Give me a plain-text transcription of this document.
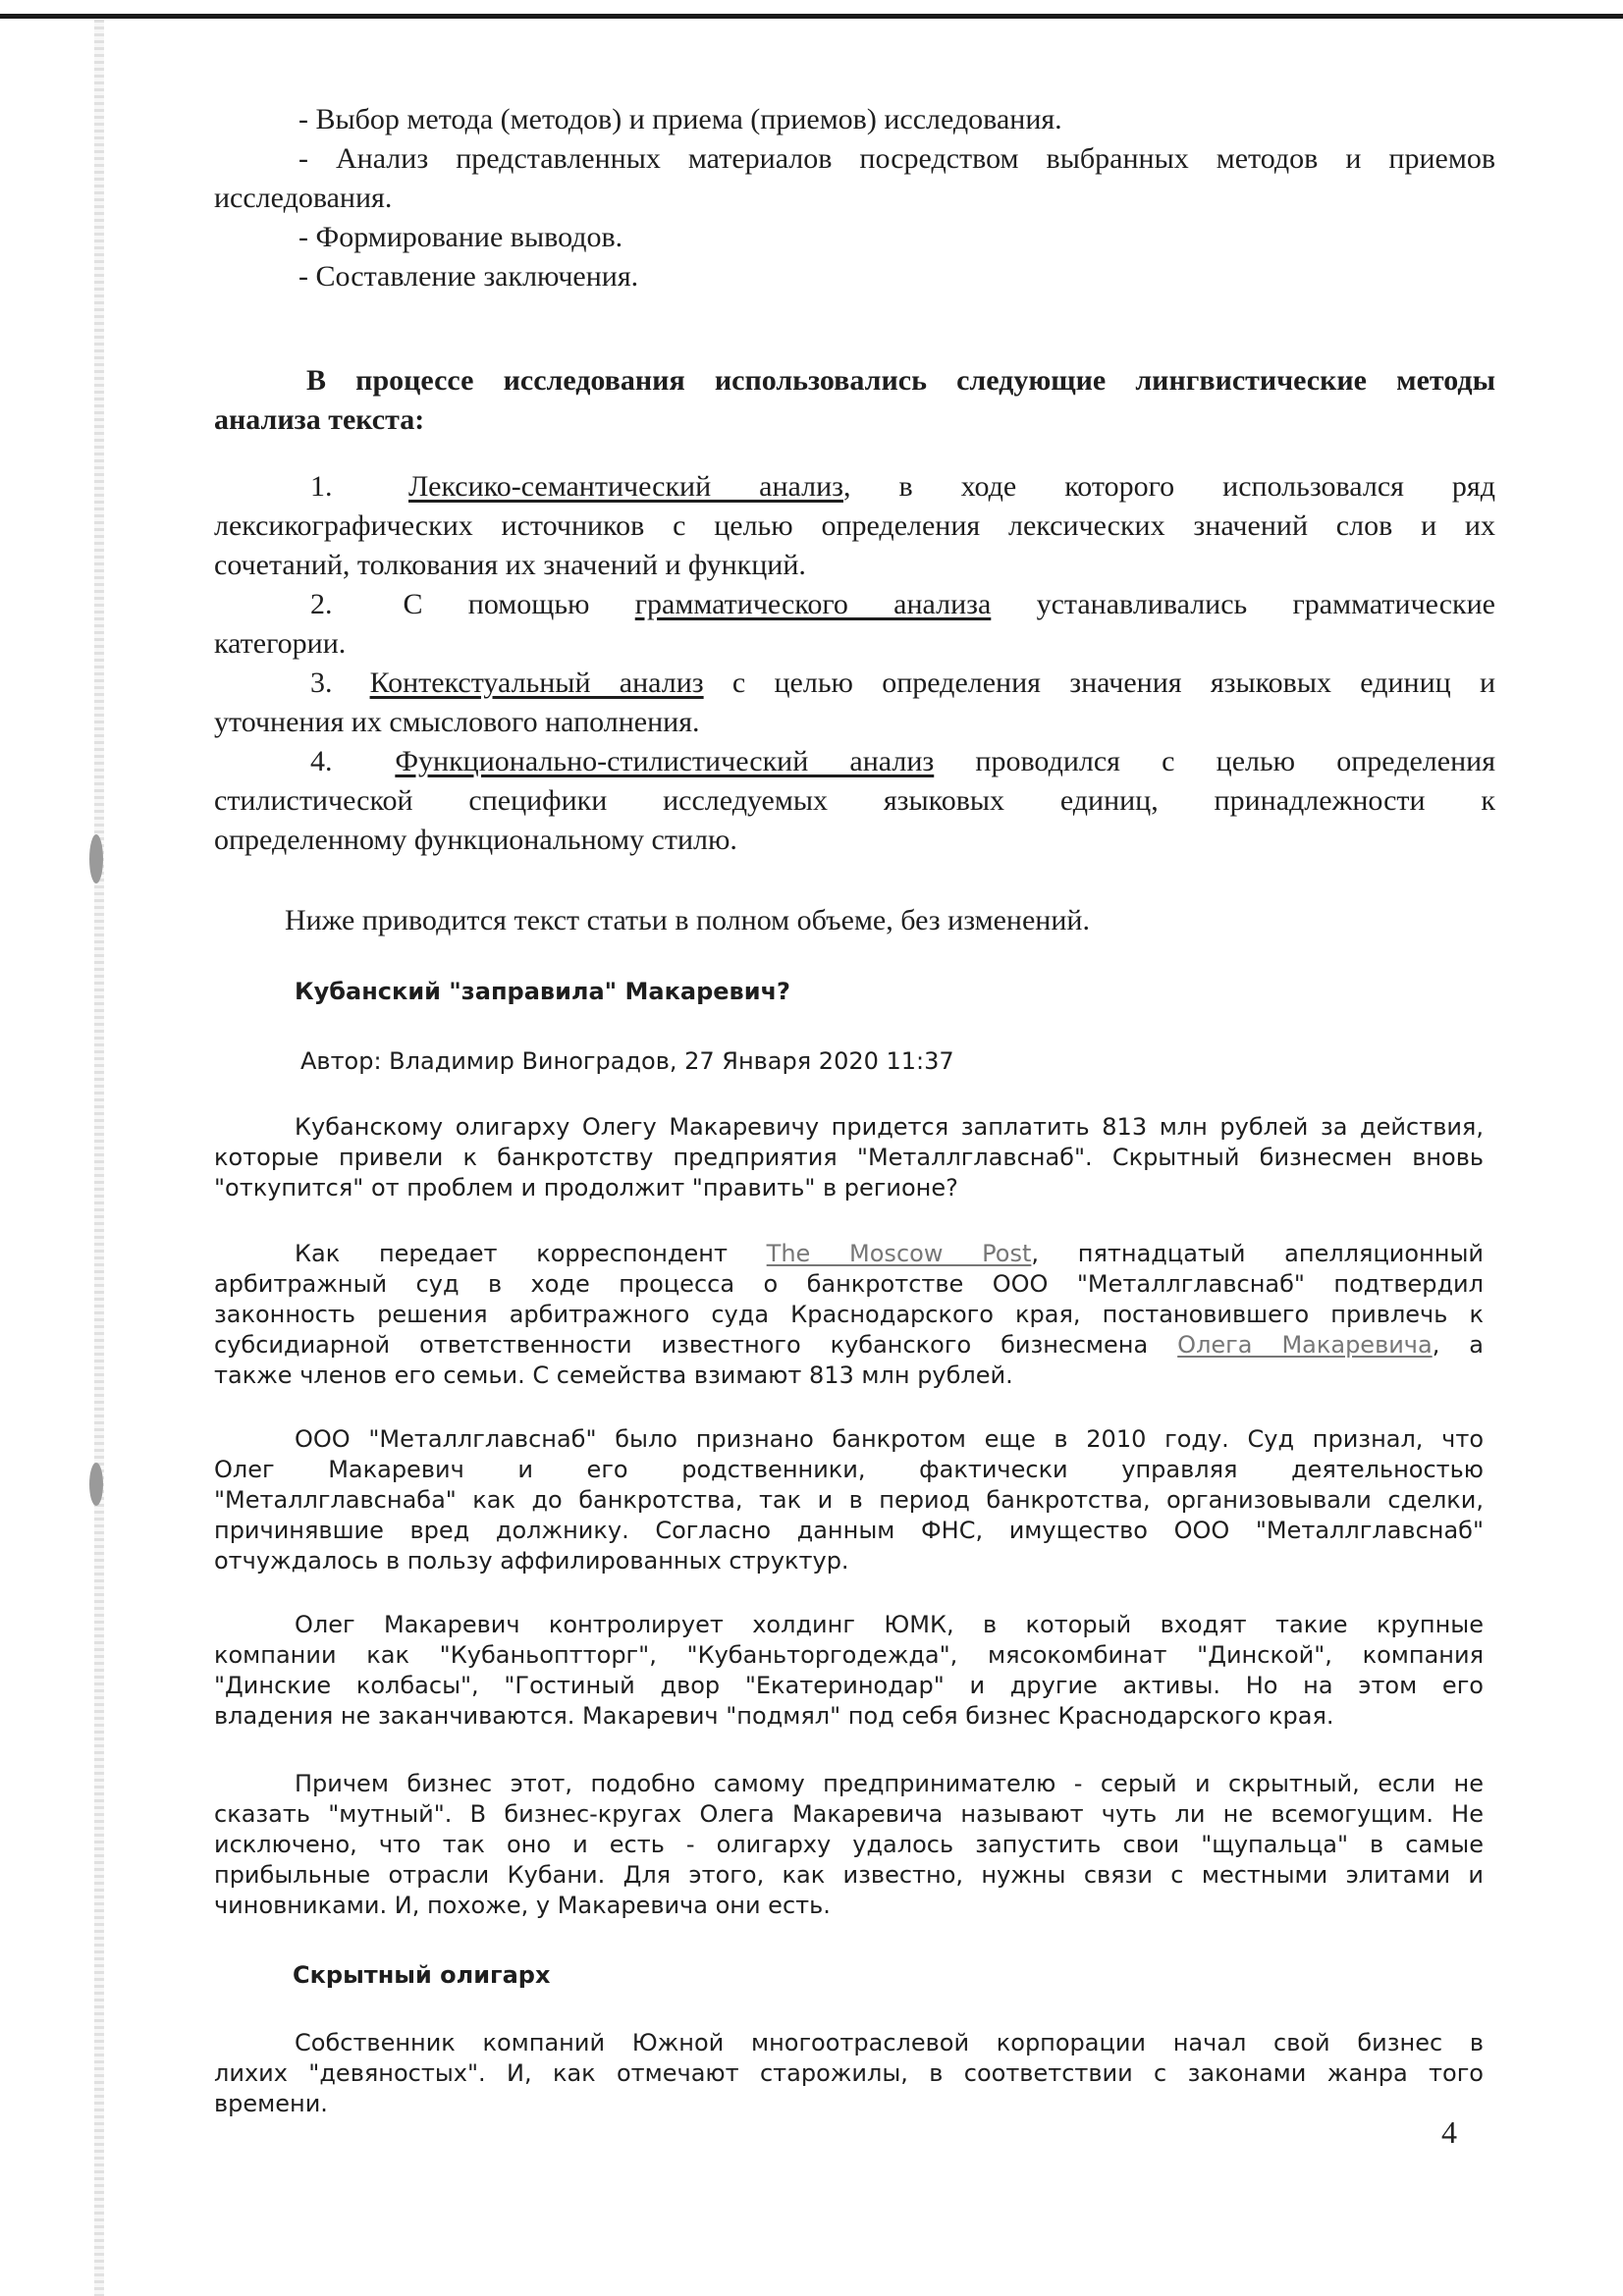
- Выбор метода (методов) и приема (приемов) исследования.
- Анализ представленных материалов посредством выбранных методов и приемов
исследования.
- Формирование выводов.
- Составление заключения.
В процессе исследования использовались следующие лингвистические методы
анализа текста:
1.	Лексико-семантический анализ, в ходе которого использовался ряд
лексикографических источников с целью определения лексических значений слов и их
сочетаний, толкования их значений и функций.
2. С помощью грамматического анализа устанавливались грамматические
категории.
3. Контекстуальный анализ с целью определения значения языковых единиц и
уточнения их смыслового наполнения.
4. Функционально-стилистический анализ проводился с целью определения
стилистической специфики исследуемых языковых единиц, принадлежности к
определенному функциональному стилю.
Ниже приводится текст статьи в полном объеме, без изменений.
Кубанский "заправила" Макаревич?
Автор: Владимир Виноградов, 27 Января 2020 11:37
Кубанскому олигарху Олегу Макаревичу придется заплатить 813 млн рублей за действия,
которые привели к банкротству предприятия "Металлглавснаб". Скрытный бизнесмен вновь
"откупится" от проблем и продолжит "править" в регионе?
Как передает корреспондент The Moscow Post, пятнадцатый апелляционный
арбитражный суд в ходе процесса о банкротстве ООО "Металлглавснаб" подтвердил
законность решения арбитражного суда Краснодарского края, постановившего привлечь к
субсидиарной ответственности известного кубанского бизнесмена Олега Макаревича, а
также членов его семьи. С семейства взимают 813 млн рублей.
ООО "Металлглавснаб" было признано банкротом еще в 2010 году. Суд признал, что
Олег Макаревич и его родственники, фактически управляя деятельностью
"Металлглавснаба" как до банкротства, так и в период банкротства, организовывали сделки,
причинявшие вред должнику. Согласно данным ФНС, имущество ООО "Металлглавснаб"
отчуждалось в пользу аффилированных структур.
Олег Макаревич контролирует холдинг ЮМК, в который входят такие крупные
компании как "Кубаньоптторг", "Кубаньторгодежда", мясокомбинат "Динской", компания
"Динские колбасы", "Гостиный двор "Екатеринодар" и другие активы. Но на этом его
владения не заканчиваются. Макаревич "подмял" под себя бизнес Краснодарского края.
Причем бизнес этот, подобно самому предпринимателю - серый и скрытный, если не
сказать "мутный". В бизнес-кругах Олега Макаревича называют чуть ли не всемогущим. Не
исключено, что так оно и есть - олигарху удалось запустить свои "щупальца" в самые
прибыльные отрасли Кубани. Для этого, как известно, нужны связи с местными элитами и
чиновниками. И, похоже, у Макаревича они есть.
Скрытный олигарх
Собственник компаний Южной многоотраслевой корпорации начал свой бизнес в
лихих "девяностых". И, как отмечают старожилы, в соответствии с законами жанра того
времени.
4
